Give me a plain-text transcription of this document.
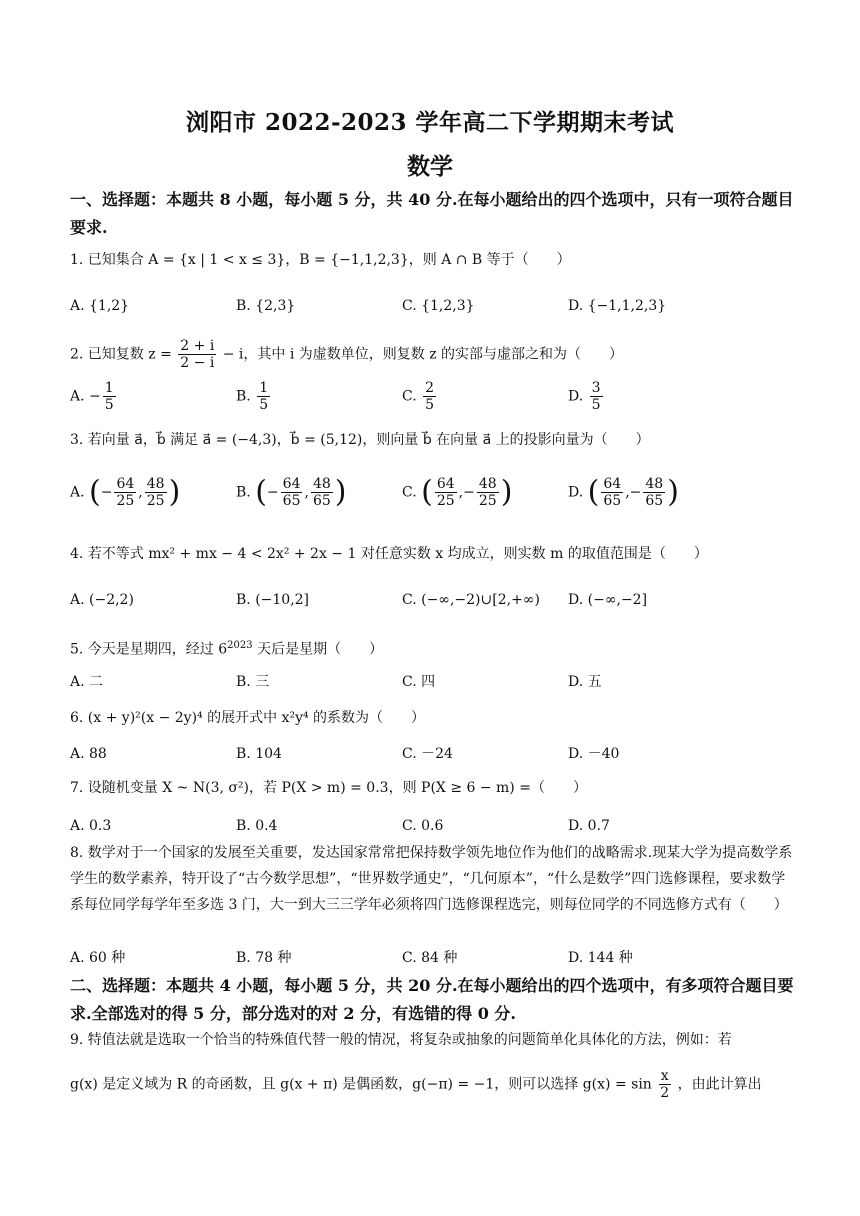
浏阳市 2022-2023 学年高二下学期期末考试
数学
一、选择题：本题共 8 小题，每小题 5 分，共 40 分.在每小题给出的四个选项中，只有一项符合题目要求.
1. 已知集合 A = {x | 1 < x ≤ 3}，B = {−1,1,2,3}，则 A ∩ B 等于（　　）
A. {1,2}	B. {2,3}	C. {1,2,3}	D. {−1,1,2,3}
2. 已知复数 $z = \frac{2 + i}{2 - i} - i$，其中 i 为虚数单位，则复数 z 的实部与虚部之和为（　　）
A. − $\frac{1}{5}$	B. $\frac{1}{5}$	C. $\frac{2}{5}$	D. $\frac{3}{5}$
3. 若向量 a⃗，b⃗ 满足 a⃗ = (−4,3)，b⃗ = (5,12)，则向量 b⃗ 在向量 a⃗ 上的投影向量为（　　）
A. (− $\frac{64}{25}$ , $\frac{48}{25}$ )	B. (− $\frac{64}{65}$ , $\frac{48}{65}$ )	C. ( $\frac{64}{25}$ ,− $\frac{48}{25}$ )	D. ( $\frac{64}{65}$ ,− $\frac{48}{65}$ )
4. 若不等式 mx² + mx − 4 < 2x² + 2x − 1 对任意实数 x 均成立，则实数 m 的取值范围是（　　）
A. (−2,2)	B. (−10,2]	C. (−∞,−2)∪[2,+∞) D. (−∞,−2]
5. 今天是星期四，经过 $6^{2023}$ 天后是星期（　　）
A. 二	B. 三	C. 四	D. 五
6. (x + y)²(x − 2y)⁴ 的展开式中 x²y⁴ 的系数为（　　）
A. 88	B. 104	C. －24	D. －40
7. 设随机变量 X ~ N(3, σ²)，若 P(X > m) = 0.3，则 P(X ≥ 6 − m) =（　　）
A. 0.3	B. 0.4	C. 0.6	D. 0.7
8. 数学对于一个国家的发展至关重要，发达国家常常把保持数学领先地位作为他们的战略需求.现某大学为提高数学系学生的数学素养，特开设了“古今数学思想”，“世界数学通史”，“几何原本”，“什么是数学”四门选修课程，要求数学系每位同学每学年至多选 3 门，大一到大三三学年必须将四门选修课程选完，则每位同学的不同选修方式有（　　）
A. 60 种	B. 78 种	C. 84 种	D. 144 种
二、选择题：本题共 4 小题，每小题 5 分，共 20 分.在每小题给出的四个选项中，有多项符合题目要求.全部选对的得 5 分，部分选对的对 2 分，有选错的得 0 分.
9. 特值法就是选取一个恰当的特殊值代替一般的情况，将复杂或抽象的问题简单化具体化的方法，例如：若
g(x) 是定义域为 R 的奇函数，且 g(x + π) 是偶函数，g(−π) = −1，则可以选择 $g(x) = \sin \frac{x}{2}$ ，由此计算出
